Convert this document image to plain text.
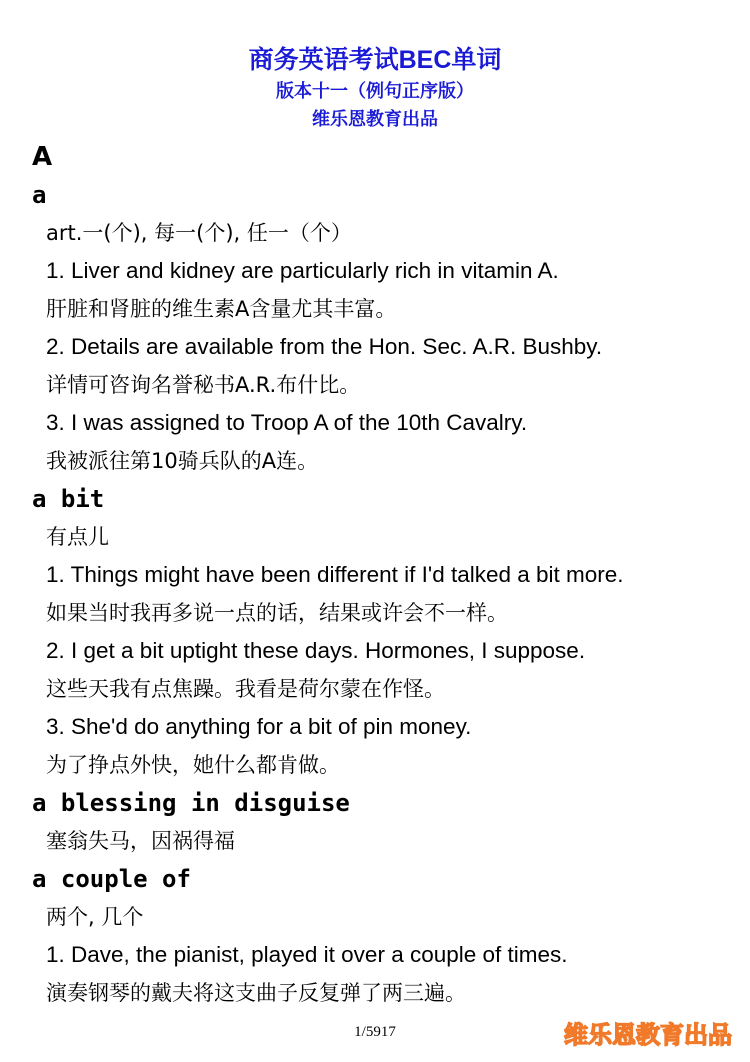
商务英语考试BEC单词
版本十一（例句正序版）
维乐恩教育出品
A
a
art.一(个), 每一(个), 任一（个）
1. Liver and kidney are particularly rich in vitamin A.
肝脏和肾脏的维生素A含量尤其丰富。
2. Details are available from the Hon. Sec. A.R. Bushby.
详情可咨询名誉秘书A.R.布什比。
3. I was assigned to Troop A of the 10th Cavalry.
我被派往第10骑兵队的A连。
a bit
有点儿
1. Things might have been different if I'd talked a bit more.
如果当时我再多说一点的话，结果或许会不一样。
2. I get a bit uptight these days. Hormones, I suppose.
这些天我有点焦躁。我看是荷尔蒙在作怪。
3. She'd do anything for a bit of pin money.
为了挣点外快，她什么都肯做。
a blessing in disguise
塞翁失马，因祸得福
a couple of
两个, 几个
1. Dave, the pianist, played it over a couple of times.
演奏钢琴的戴夫将这支曲子反复弹了两三遍。
1/5917	维乐恩教育出品
